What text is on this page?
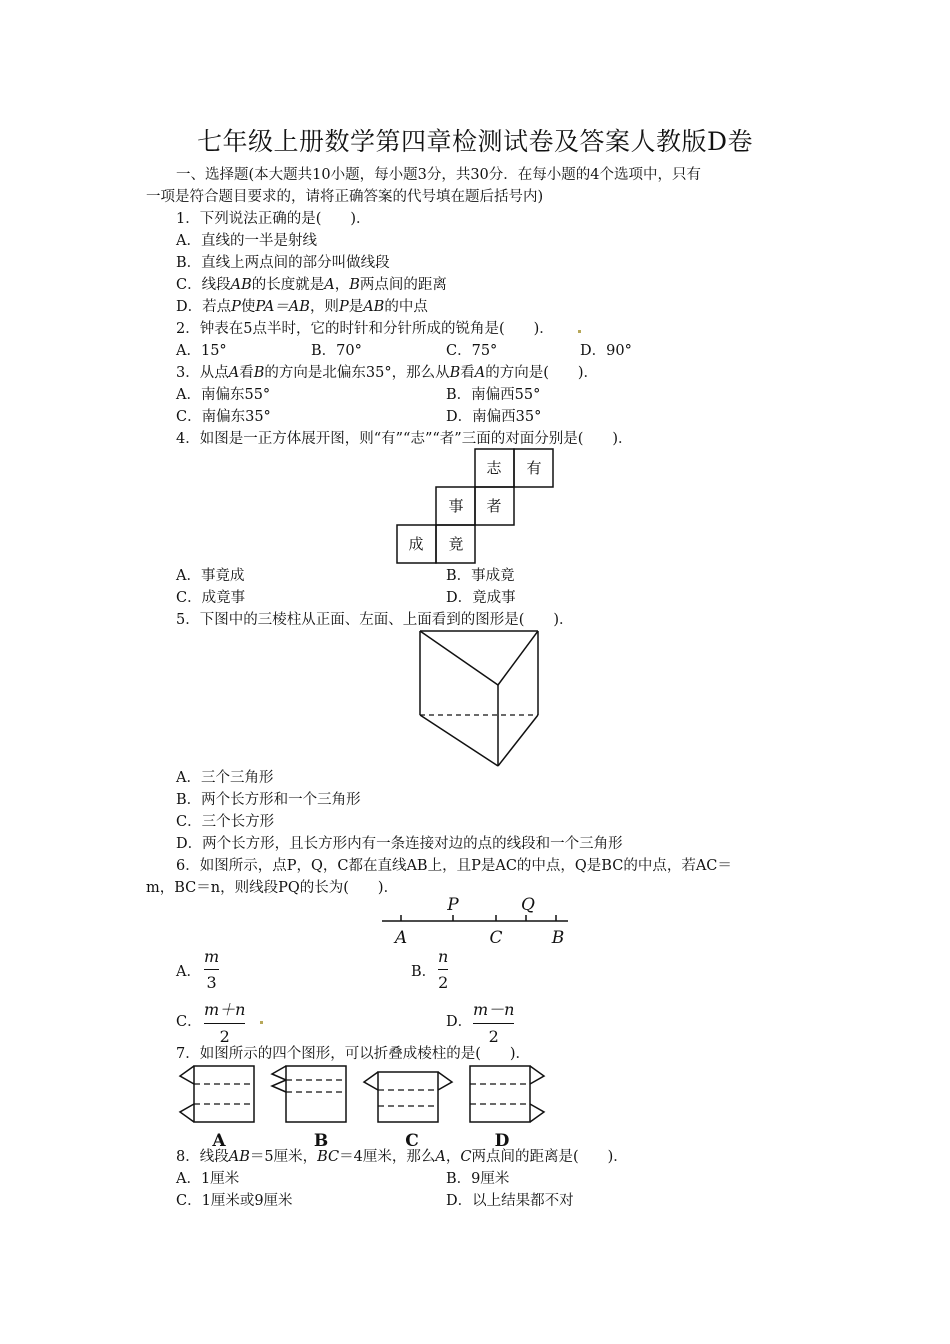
七年级上册数学第四章检测试卷及答案人教版D卷
一、选择题(本大题共10小题，每小题3分，共30分．在每小题的4个选项中，只有
一项是符合题目要求的，请将正确答案的代号填在题后括号内)
1．下列说法正确的是(　　)．
A．直线的一半是射线
B．直线上两点间的部分叫做线段
C．线段AB的长度就是A，B两点间的距离
D．若点P使PA＝AB，则P是AB的中点
2．钟表在5点半时，它的时针和分针所成的锐角是(　　)．
A．15°	B．70°	C．75°	D．90°
3．从点A看B的方向是北偏东35°，那么从B看A的方向是(　　)．
A．南偏东55°	B．南偏西55°
C．南偏东35°	D．南偏西35°
4．如图是一正方体展开图，则“有”“志”“者”三面的对面分别是(　　)．
志 有
事 者
成 竟
A．事竟成	B．事成竟
C．成竟事	D．竟成事
5．下图中的三棱柱从正面、左面、上面看到的图形是(　　)．
A．三个三角形
B．两个长方形和一个三角形
C．三个长方形
D．两个长方形，且长方形内有一条连接对边的点的线段和一个三角形
6．如图所示，点P，Q，C都在直线AB上，且P是AC的中点，Q是BC的中点，若AC＝
m，BC＝n，则线段PQ的长为(　　)．
P	Q
A	C	B
A．
m
3
B．
n
2
C．
m＋n
2
D．
m－n
2
7．如图所示的四个图形，可以折叠成棱柱的是(　　)．
A	B	C	D
8．线段AB＝5厘米，BC＝4厘米，那么A，C两点间的距离是(　　)．
A．1厘米	B．9厘米
C．1厘米或9厘米	D．以上结果都不对
